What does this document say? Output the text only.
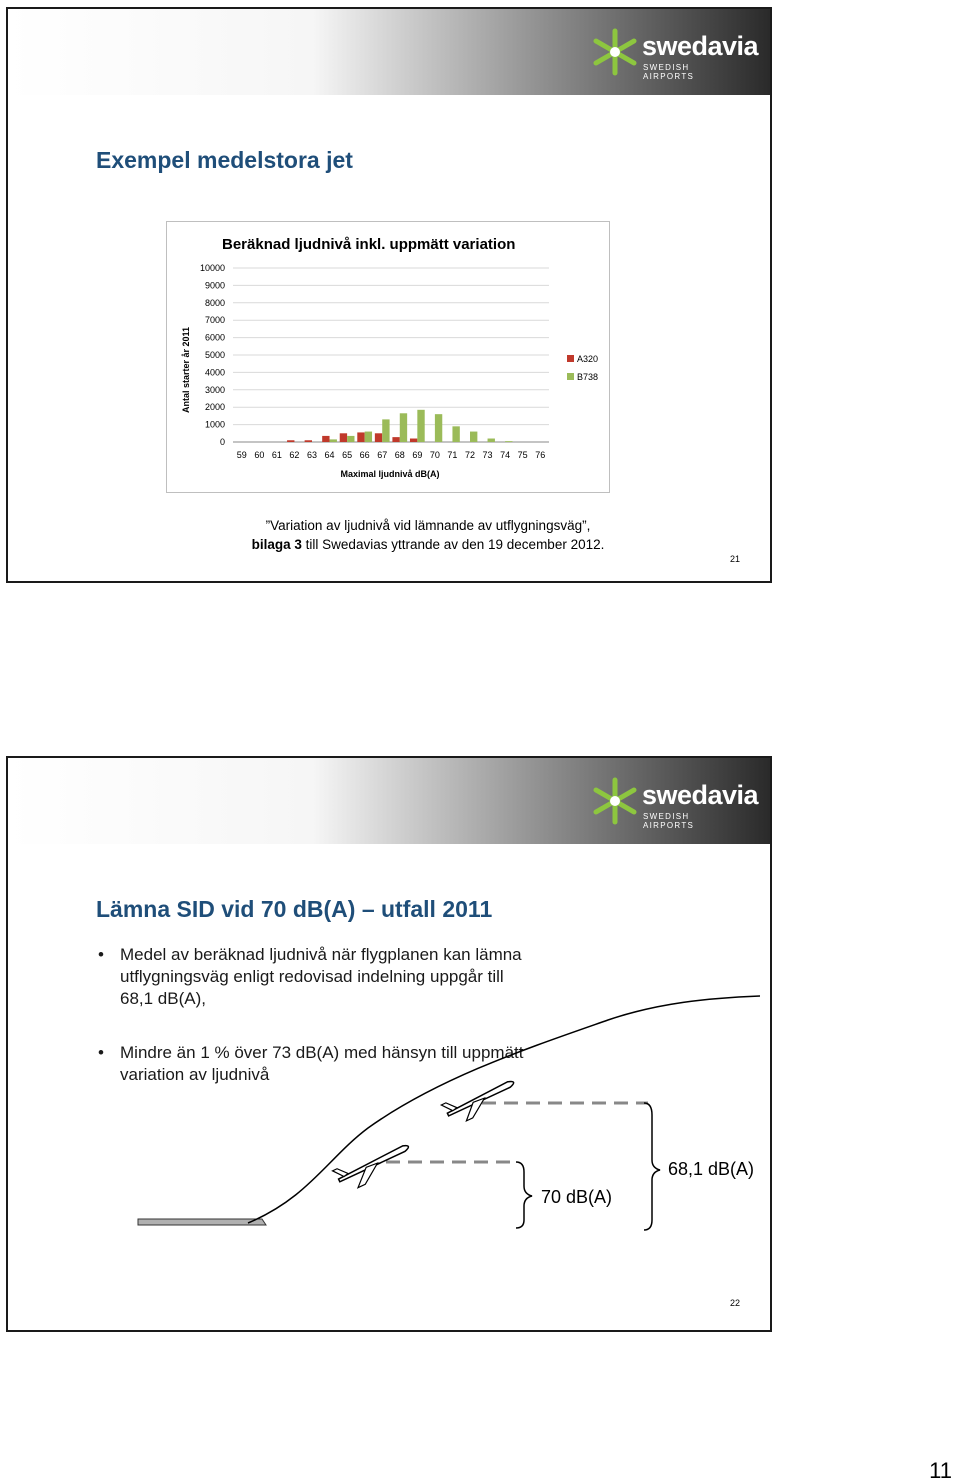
swedavia
SWEDISH AIRPORTS
Exempel medelstora jet
Beräknad ljudnivå inkl. uppmätt variation
Antal starter år 2011
Maximal ljudnivå dB(A)
0
1000
2000
3000
4000
5000
6000
7000
8000
9000
10000
59 60 61 62 63 64 65 66 67 68 69 70 71 72 73 74 75 76
A320
B738
”Variation av ljudnivå vid lämnande av utflygningsväg”,
bilaga 3 till Swedavias yttrande av den 19 december 2012.
21
swedavia
SWEDISH AIRPORTS
Lämna SID vid 70 dB(A) – utfall 2011
• Medel av beräknad ljudnivå när flygplanen kan lämna utflygningsväg enligt redovisad indelning uppgår till 68,1 dB(A),
• Mindre än 1 % över 73 dB(A) med hänsyn till uppmätt variation av ljudnivå
70 dB(A)
68,1 dB(A)
22
11
